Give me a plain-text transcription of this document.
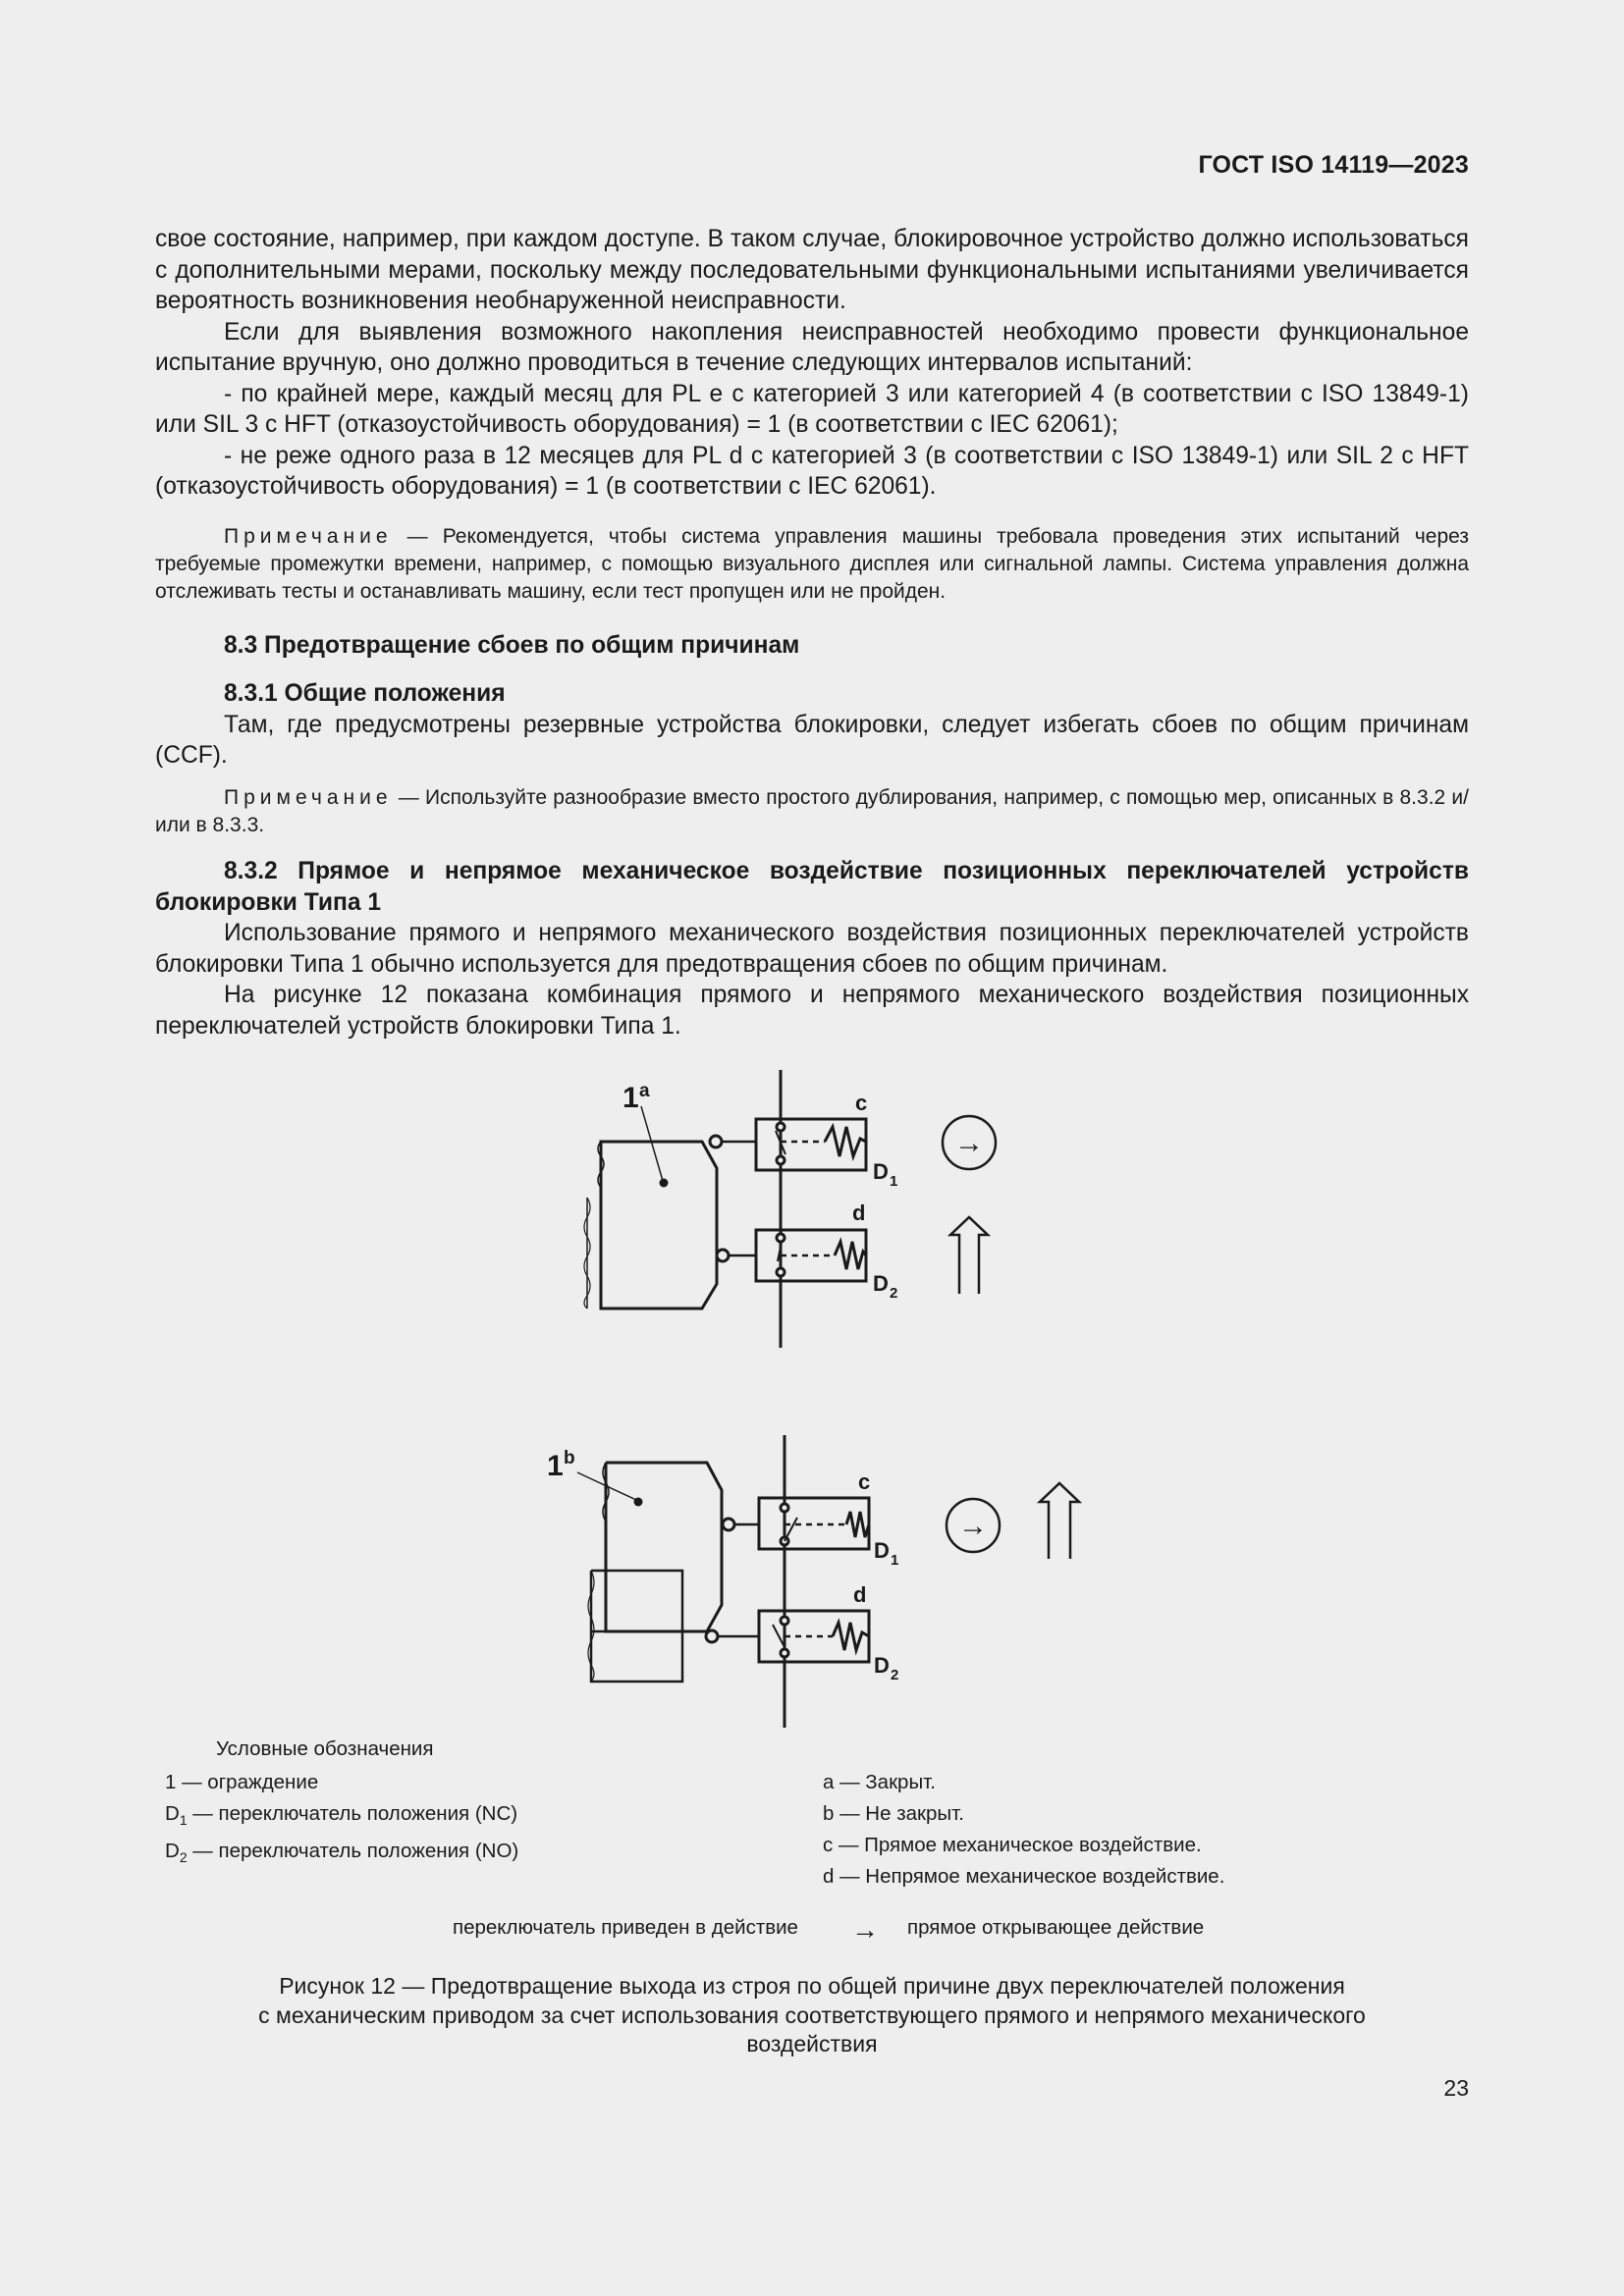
ГОСТ ISO 14119—2023

свое состояние, например, при каждом доступе. В таком случае, блокировочное устройство должно использоваться с дополнительными мерами, поскольку между последовательными функциональными испытаниями увеличивается вероятность возникновения необнаруженной неисправности.

Если для выявления возможного накопления неисправностей необходимо провести функциональное испытание вручную, оно должно проводиться в течение следующих интервалов испытаний:

- по крайней мере, каждый месяц для PL e с категорией 3 или категорией 4 (в соответствии с ISO 13849-1) или SIL 3 с HFT (отказоустойчивость оборудования) = 1 (в соответствии с IEC 62061);

- не реже одного раза в 12 месяцев для PL d с категорией 3 (в соответствии с ISO 13849-1) или SIL 2 с HFT (отказоустойчивость оборудования) = 1 (в соответствии с IEC 62061).

Примечание — Рекомендуется, чтобы система управления машины требовала проведения этих испытаний через требуемые промежутки времени, например, с помощью визуального дисплея или сигнальной лампы. Система управления должна отслеживать тесты и останавливать машину, если тест пропущен или не пройден.

8.3 Предотвращение сбоев по общим причинам

8.3.1 Общие положения

Там, где предусмотрены резервные устройства блокировки, следует избегать сбоев по общим причинам (CCF).

Примечание — Используйте разнообразие вместо простого дублирования, например, с помощью мер, описанных в 8.3.2 и/или в 8.3.3.

8.3.2 Прямое и непрямое механическое воздействие позиционных переключателей устройств блокировки Типа 1

Использование прямого и непрямого механического воздействия позиционных переключателей устройств блокировки Типа 1 обычно используется для предотвращения сбоев по общим причинам.

На рисунке 12 показана комбинация прямого и непрямого механического воздействия позиционных переключателей устройств блокировки Типа 1.

1 a	c
D 1
d
D 2
1 b
c
D 1
d
D 2
→
→
Условные обозначения
1 — ограждение
$D_1$ — переключатель положения (NC)
$D_2$ — переключатель положения (NO)
a — Закрыт.
b — Не закрыт.
c — Прямое механическое воздействие.
d — Непрямое механическое воздействие.
переключатель приведен в действие	прямое открывающее действие
→
Рисунок 12 — Предотвращение выхода из строя по общей причине двух переключателей положения
с механическим приводом за счет использования соответствующего прямого и непрямого механического
воздействия
23
